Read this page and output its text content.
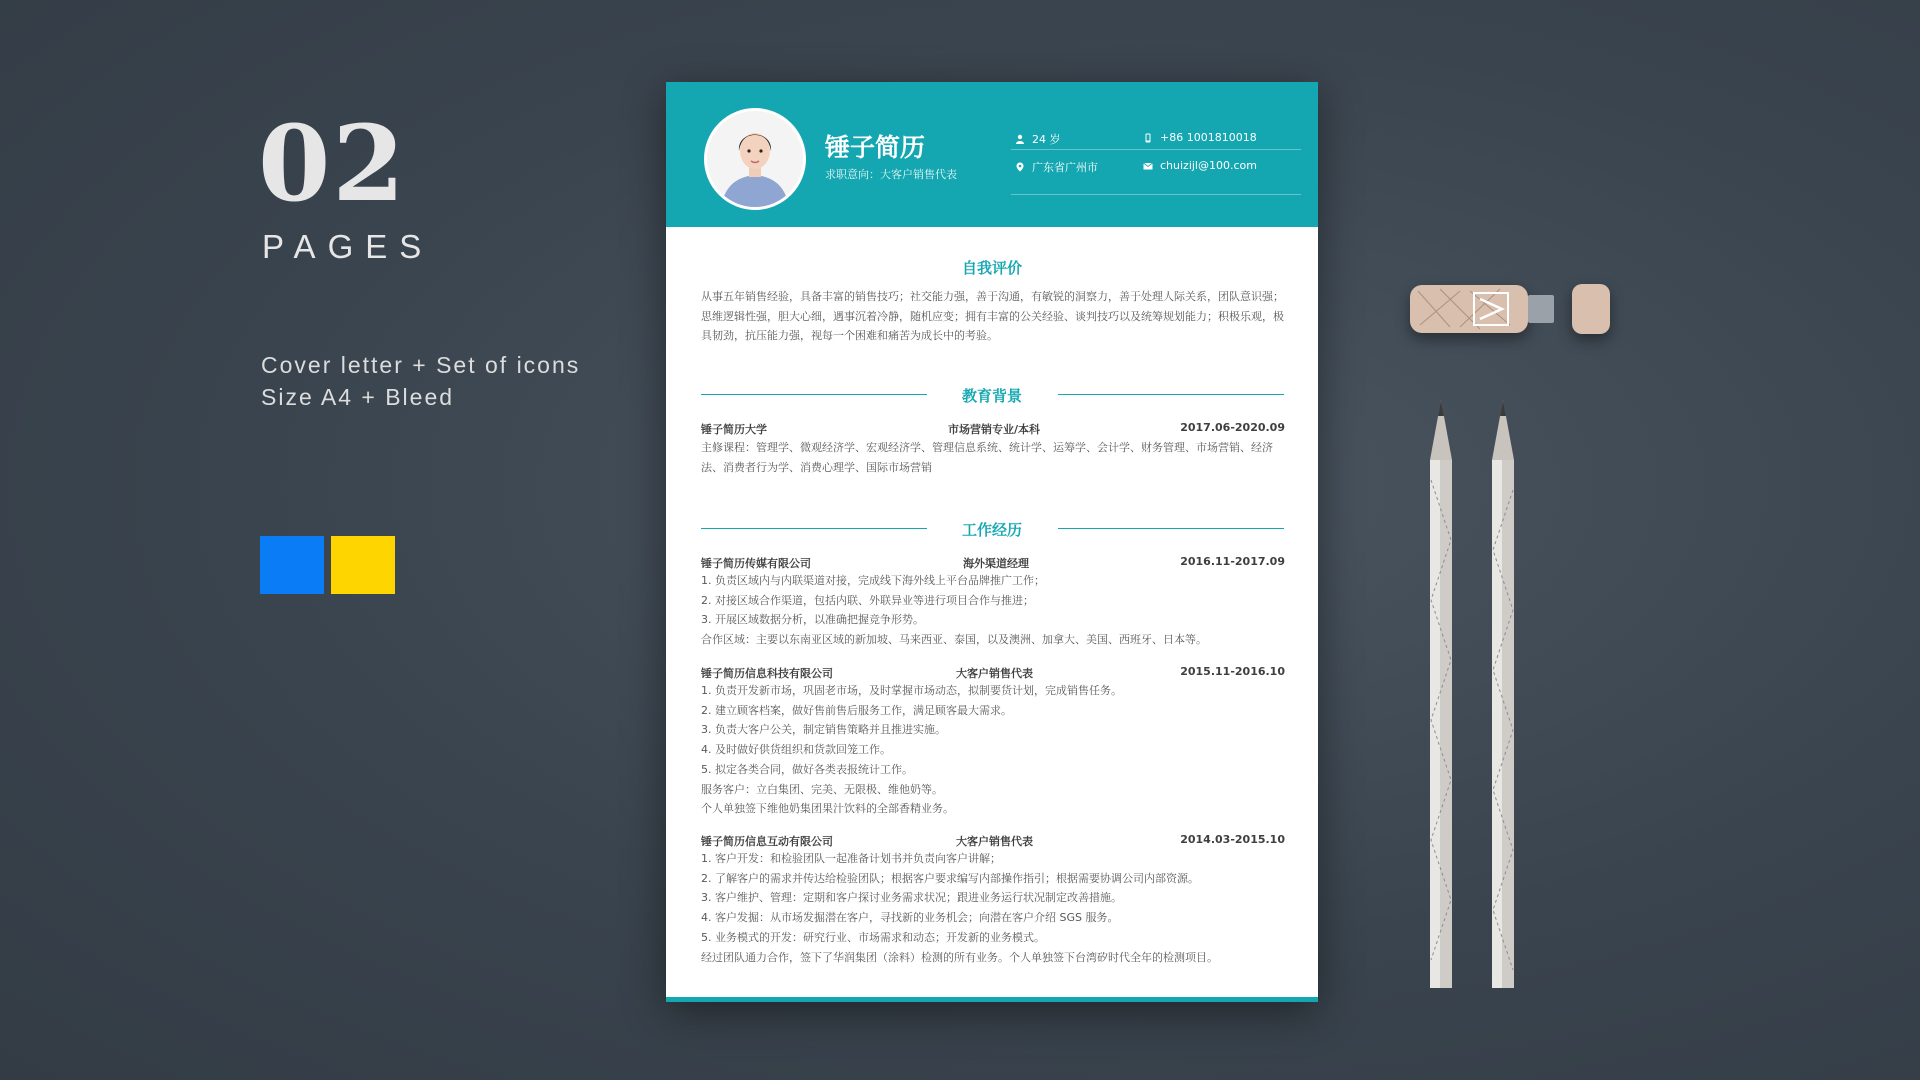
02
PAGES
Cover letter + Set of icons
Size A4 + Bleed
锤子简历
求职意向：大客户销售代表
24 岁	+86 1001810018
广东省广州市	chuizijl@100.com
自我评价
从事五年销售经验，具备丰富的销售技巧；社交能力强，善于沟通，有敏锐的洞察力，善于处理人际关系，团队意识强；思维逻辑性强，胆大心细，遇事沉着冷静，随机应变；拥有丰富的公关经验、谈判技巧以及统筹规划能力；积极乐观，极具韧劲，抗压能力强，视每一个困难和痛苦为成长中的考验。
教育背景
锤子简历大学	市场营销专业/本科	2017.06-2020.09
主修课程：管理学、微观经济学、宏观经济学、管理信息系统、统计学、运筹学、会计学、财务管理、市场营销、经济法、消费者行为学、消费心理学、国际市场营销
工作经历
锤子简历传媒有限公司	海外渠道经理	2016.11-2017.09
1. 负责区域内与内联渠道对接，完成线下海外线上平台品牌推广工作；
2. 对接区域合作渠道，包括内联、外联异业等进行项目合作与推进；
3. 开展区域数据分析，以准确把握竞争形势。
合作区域：主要以东南亚区域的新加坡、马来西亚、泰国，以及澳洲、加拿大、美国、西班牙、日本等。
锤子简历信息科技有限公司	大客户销售代表	2015.11-2016.10
1. 负责开发新市场，巩固老市场，及时掌握市场动态，拟制要货计划，完成销售任务。
2. 建立顾客档案，做好售前售后服务工作，满足顾客最大需求。
3. 负责大客户公关，制定销售策略并且推进实施。
4. 及时做好供货组织和货款回笼工作。
5. 拟定各类合同，做好各类表报统计工作。
服务客户：立白集团、完美、无限极、维他奶等。
个人单独签下维他奶集团果汁饮料的全部香精业务。
锤子简历信息互动有限公司	大客户销售代表	2014.03-2015.10
1. 客户开发：和检验团队一起准备计划书并负责向客户讲解；
2. 了解客户的需求并传达给检验团队；根据客户要求编写内部操作指引；根据需要协调公司内部资源。
3. 客户维护、管理：定期和客户探讨业务需求状况；跟进业务运行状况制定改善措施。
4. 客户发掘：从市场发掘潜在客户，寻找新的业务机会；向潜在客户介绍 SGS 服务。
5. 业务模式的开发：研究行业、市场需求和动态；开发新的业务模式。
经过团队通力合作，签下了华润集团（涂料）检测的所有业务。个人单独签下台湾矽时代全年的检测项目。
